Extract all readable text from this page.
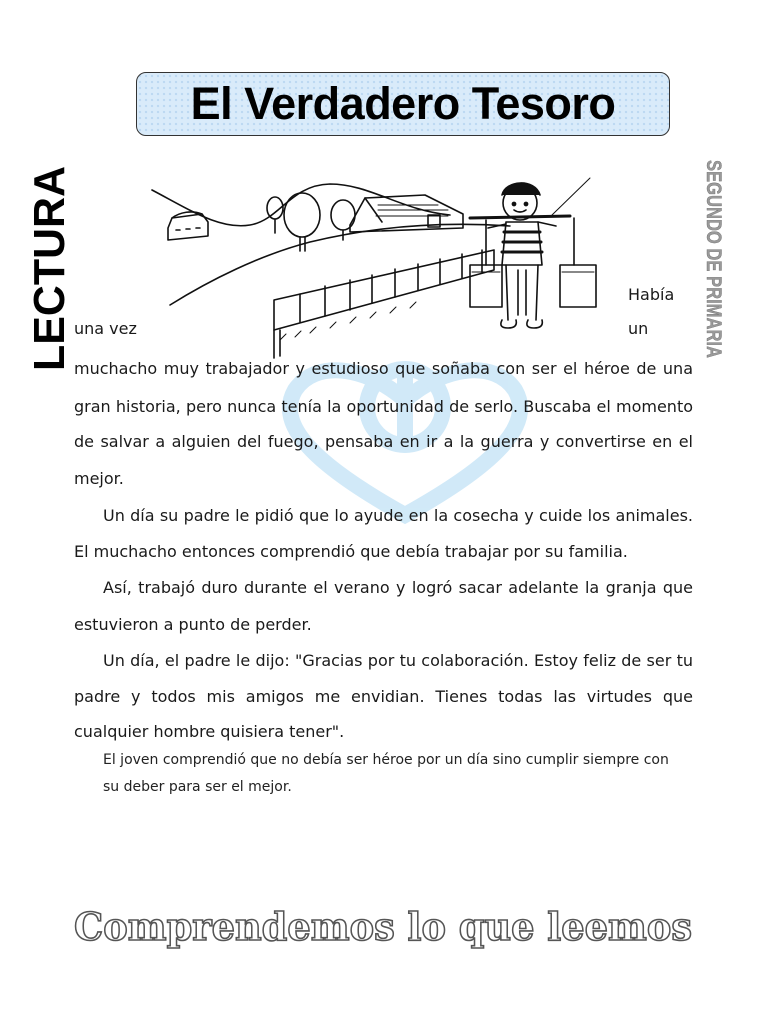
El Verdadero Tesoro
LECTURA	SEGUNDO DE PRIMARIA
Había
una vez	un
muchacho muy trabajador y estudioso que soñaba con ser el héroe de una
gran historia, pero nunca tenía la oportunidad de serlo. Buscaba el momento
de salvar a alguien del fuego, pensaba en ir a la guerra y convertirse en el
mejor.
Un día su padre le pidió que lo ayude en la cosecha y cuide los animales.
El muchacho entonces comprendió que debía trabajar por su familia.
Así, trabajó duro durante el verano y logró sacar adelante la granja que
estuvieron a punto de perder.
Un día, el padre le dijo: "Gracias por tu colaboración. Estoy feliz de ser tu
padre y todos mis amigos me envidian. Tienes todas las virtudes que
cualquier hombre quisiera tener".
El joven comprendió que no debía ser héroe por un día sino cumplir siempre con
su deber para ser el mejor.
Comprendemos lo que leemos
